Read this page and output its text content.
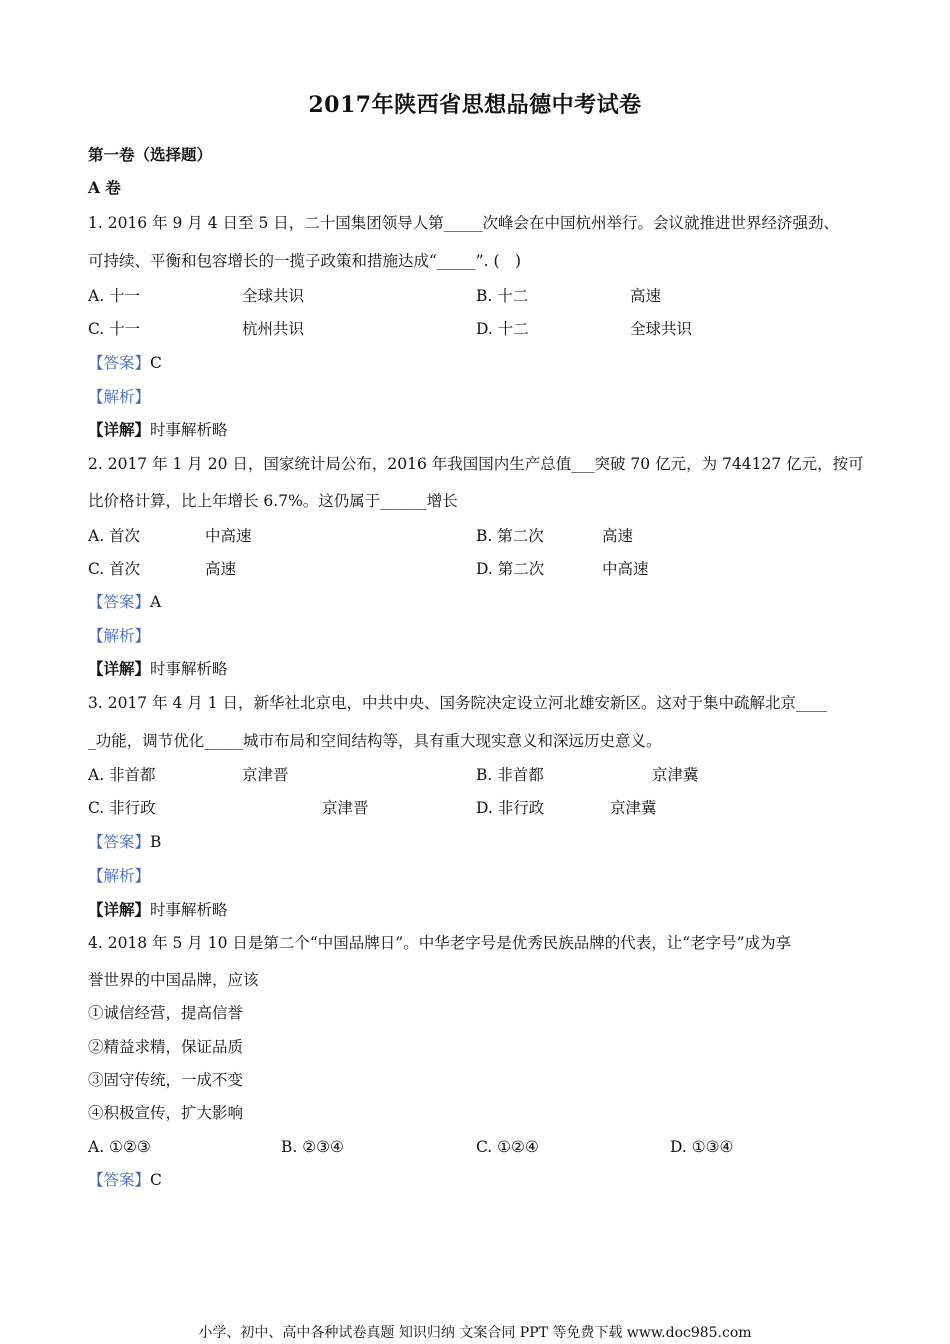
2017年陕西省思想品德中考试卷
第一卷（选择题）
A 卷
1. 2016 年 9 月 4 日至 5 日，二十国集团领导人第_____次峰会在中国杭州举行。会议就推进世界经济强劲、
可持续、平衡和包容增长的一揽子政策和措施达成“_____”. (　)
A. 十一	全球共识	B. 十二	高速
C. 十一	杭州共识	D. 十二	全球共识
【答案】C
【解析】
【详解】时事解析略
2. 2017 年 1 月 20 日，国家统计局公布，2016 年我国国内生产总值___突破 70 亿元，为 744127 亿元，按可
比价格计算，比上年增长 6.7%。这仍属于______增长
A. 首次	中高速	B. 第二次	高速
C. 首次	高速	D. 第二次	中高速
【答案】A
【解析】
【详解】时事解析略
3. 2017 年 4 月 1 日，新华社北京电，中共中央、国务院决定设立河北雄安新区。这对于集中疏解北京____
_功能，调节优化_____城市布局和空间结构等，具有重大现实意义和深远历史意义。
A. 非首都	京津晋	B. 非首都	京津冀
C. 非行政	京津晋	D. 非行政	京津冀
【答案】B
【解析】
【详解】时事解析略
4. 2018 年 5 月 10 日是第二个“中国品牌日”。中华老字号是优秀民族品牌的代表，让“老字号”成为享
誉世界的中国品牌，应该
①诚信经营，提高信誉
②精益求精，保证品质
③固守传统，一成不变
④积极宣传，扩大影响
A. ①②③	B. ②③④	C. ①②④	D. ①③④
【答案】C
小学、初中、高中各种试卷真题 知识归纳 文案合同 PPT 等免费下载 www.doc985.com
